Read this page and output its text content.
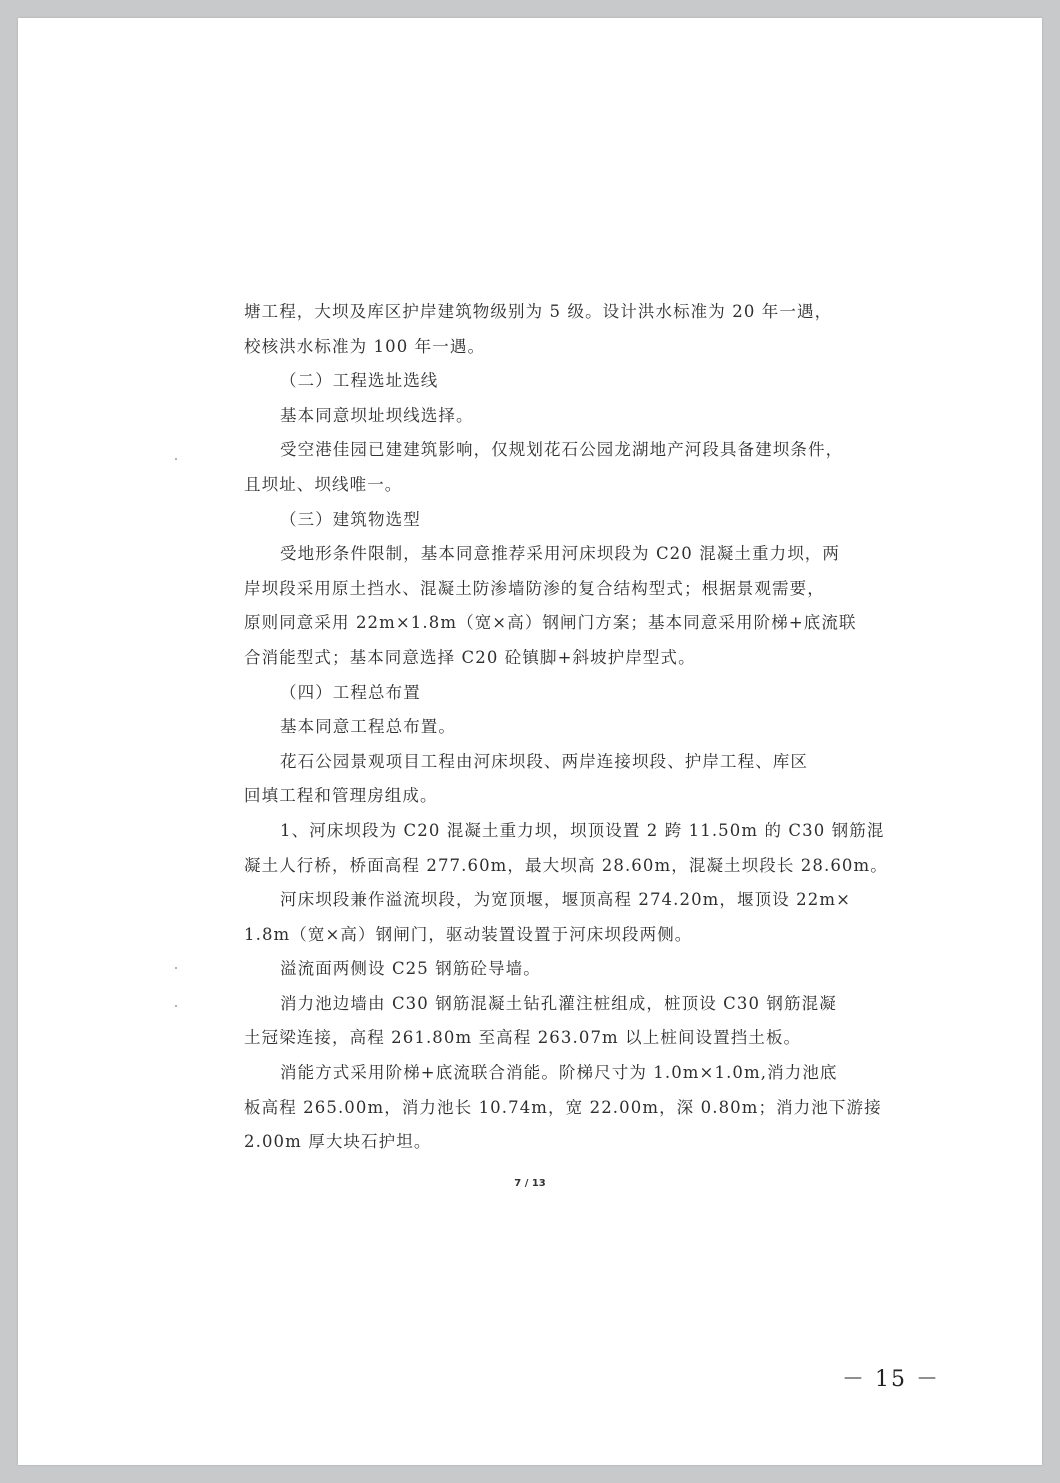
塘工程，大坝及库区护岸建筑物级别为 5 级。设计洪水标准为 20 年一遇，
校核洪水标准为 100 年一遇。
（二）工程选址选线
基本同意坝址坝线选择。
受空港佳园已建建筑影响，仅规划花石公园龙湖地产河段具备建坝条件，
且坝址、坝线唯一。
（三）建筑物选型
受地形条件限制，基本同意推荐采用河床坝段为 C20 混凝土重力坝，两
岸坝段采用原土挡水、混凝土防渗墙防渗的复合结构型式；根据景观需要，
原则同意采用 22m×1.8m（宽×高）钢闸门方案；基本同意采用阶梯+底流联
合消能型式；基本同意选择 C20 砼镇脚+斜坡护岸型式。
（四）工程总布置
基本同意工程总布置。
花石公园景观项目工程由河床坝段、两岸连接坝段、护岸工程、库区
回填工程和管理房组成。
1、河床坝段为 C20 混凝土重力坝，坝顶设置 2 跨 11.50m 的 C30 钢筋混
凝土人行桥，桥面高程 277.60m，最大坝高 28.60m，混凝土坝段长 28.60m。
河床坝段兼作溢流坝段，为宽顶堰，堰顶高程 274.20m，堰顶设 22m×
1.8m（宽×高）钢闸门，驱动装置设置于河床坝段两侧。
溢流面两侧设 C25 钢筋砼导墙。
消力池边墙由 C30 钢筋混凝土钻孔灌注桩组成，桩顶设 C30 钢筋混凝
土冠梁连接，高程 261.80m 至高程 263.07m 以上桩间设置挡土板。
消能方式采用阶梯+底流联合消能。阶梯尺寸为 1.0m×1.0m,消力池底
板高程 265.00m，消力池长 10.74m，宽 22.00m，深 0.80m；消力池下游接
2.00m 厚大块石护坦。
7 / 13
－ 15 －
